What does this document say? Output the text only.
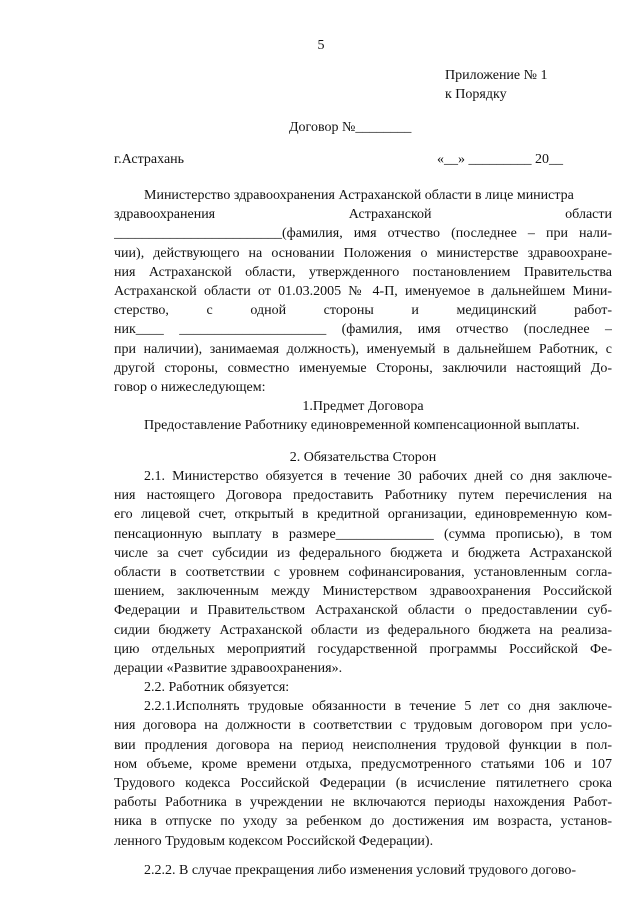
5
Приложение № 1
к Порядку
Договор №________
г.Астрахань	«__» _________ 20__
Министерство здравоохранения Астраханской области в лице министра
здравоохранения Астраханской области
________________________(фамилия, имя отчество (последнее – при нали-
чии), действующего на основании Положения о министерстве здравоохране-
ния Астраханской области, утвержденного постановлением Правительства
Астраханской области от 01.03.2005 № 4-П, именуемое в дальнейшем Мини-
стерство, с одной стороны и медицинский работ-
ник____ _____________________ (фамилия, имя отчество (последнее –
при наличии), занимаемая должность), именуемый в дальнейшем Работник, с
другой стороны, совместно именуемые Стороны, заключили настоящий До-
говор о нижеследующем:
1.Предмет Договора
Предоставление Работнику единовременной компенсационной выплаты.
2. Обязательства Сторон
2.1. Министерство обязуется в течение 30 рабочих дней со дня заключе-
ния настоящего Договора предоставить Работнику путем перечисления на
его лицевой счет, открытый в кредитной организации, единовременную ком-
пенсационную выплату в размере______________ (сумма прописью), в том
числе за счет субсидии из федерального бюджета и бюджета Астраханской
области в соответствии с уровнем софинансирования, установленным согла-
шением, заключенным между Министерством здравоохранения Российской
Федерации и Правительством Астраханской области о предоставлении суб-
сидии бюджету Астраханской области из федерального бюджета на реализа-
цию отдельных мероприятий государственной программы Российской Фе-
дерации «Развитие здравоохранения».
2.2. Работник обязуется:
2.2.1.Исполнять трудовые обязанности в течение 5 лет со дня заключе-
ния договора на должности в соответствии с трудовым договором при усло-
вии продления договора на период неисполнения трудовой функции в пол-
ном объеме, кроме времени отдыха, предусмотренного статьями 106 и 107
Трудового кодекса Российской Федерации (в исчисление пятилетнего срока
работы Работника в учреждении не включаются периоды нахождения Работ-
ника в отпуске по уходу за ребенком до достижения им возраста, установ-
ленного Трудовым кодексом Российской Федерации).
2.2.2. В случае прекращения либо изменения условий трудового догово-
